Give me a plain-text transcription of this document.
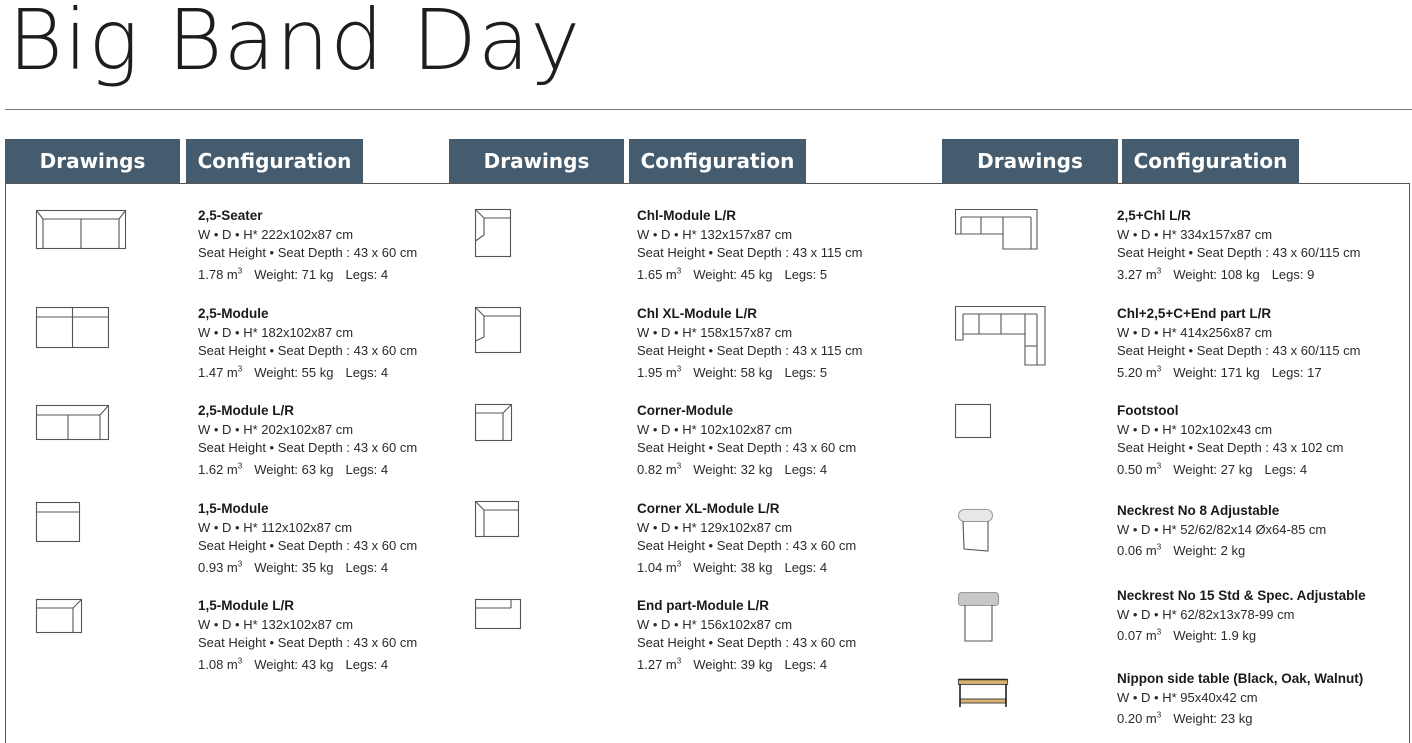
Big Band Day
Drawings	Configuration	Drawings	Configuration	Drawings	Configuration
2,5-Seater
W • D • H* 222x102x87 cm
Seat Height • Seat Depth : 43 x 60 cm
1.78 $m^3$ Weight: 71 kg Legs: 4
2,5-Module
W • D • H* 182x102x87 cm
Seat Height • Seat Depth : 43 x 60 cm
1.47 $m^3$ Weight: 55 kg Legs: 4
2,5-Module L/R
W • D • H* 202x102x87 cm
Seat Height • Seat Depth : 43 x 60 cm
1.62 $m^3$ Weight: 63 kg Legs: 4
1,5-Module
W • D • H* 112x102x87 cm
Seat Height • Seat Depth : 43 x 60 cm
0.93 $m^3$ Weight: 35 kg Legs: 4
1,5-Module L/R
W • D • H* 132x102x87 cm
Seat Height • Seat Depth : 43 x 60 cm
1.08 $m^3$ Weight: 43 kg Legs: 4
Chl-Module L/R
W • D • H* 132x157x87 cm
Seat Height • Seat Depth : 43 x 115 cm
1.65 $m^3$ Weight: 45 kg Legs: 5
Chl XL-Module L/R
W • D • H* 158x157x87 cm
Seat Height • Seat Depth : 43 x 115 cm
1.95 $m^3$ Weight: 58 kg Legs: 5
Corner-Module
W • D • H* 102x102x87 cm
Seat Height • Seat Depth : 43 x 60 cm
0.82 $m^3$ Weight: 32 kg Legs: 4
Corner XL-Module L/R
W • D • H* 129x102x87 cm
Seat Height • Seat Depth : 43 x 60 cm
1.04 $m^3$ Weight: 38 kg Legs: 4
End part-Module L/R
W • D • H* 156x102x87 cm
Seat Height • Seat Depth : 43 x 60 cm
1.27 $m^3$ Weight: 39 kg Legs: 4
2,5+Chl L/R
W • D • H* 334x157x87 cm
Seat Height • Seat Depth : 43 x 60/115 cm
3.27 $m^3$ Weight: 108 kg Legs: 9
Chl+2,5+C+End part L/R
W • D • H* 414x256x87 cm
Seat Height • Seat Depth : 43 x 60/115 cm
5.20 $m^3$ Weight: 171 kg Legs: 17
Footstool
W • D • H* 102x102x43 cm
Seat Height • Seat Depth : 43 x 102 cm
0.50 $m^3$ Weight: 27 kg Legs: 4
Neckrest No 8 Adjustable
W • D • H* 52/62/82x14 Øx64-85 cm
0.06 $m^3$ Weight: 2 kg
Neckrest No 15 Std & Spec. Adjustable
W • D • H* 62/82x13x78-99 cm
0.07 $m^3$ Weight: 1.9 kg
Nippon side table (Black, Oak, Walnut)
W • D • H* 95x40x42 cm
0.20 $m^3$ Weight: 23 kg
